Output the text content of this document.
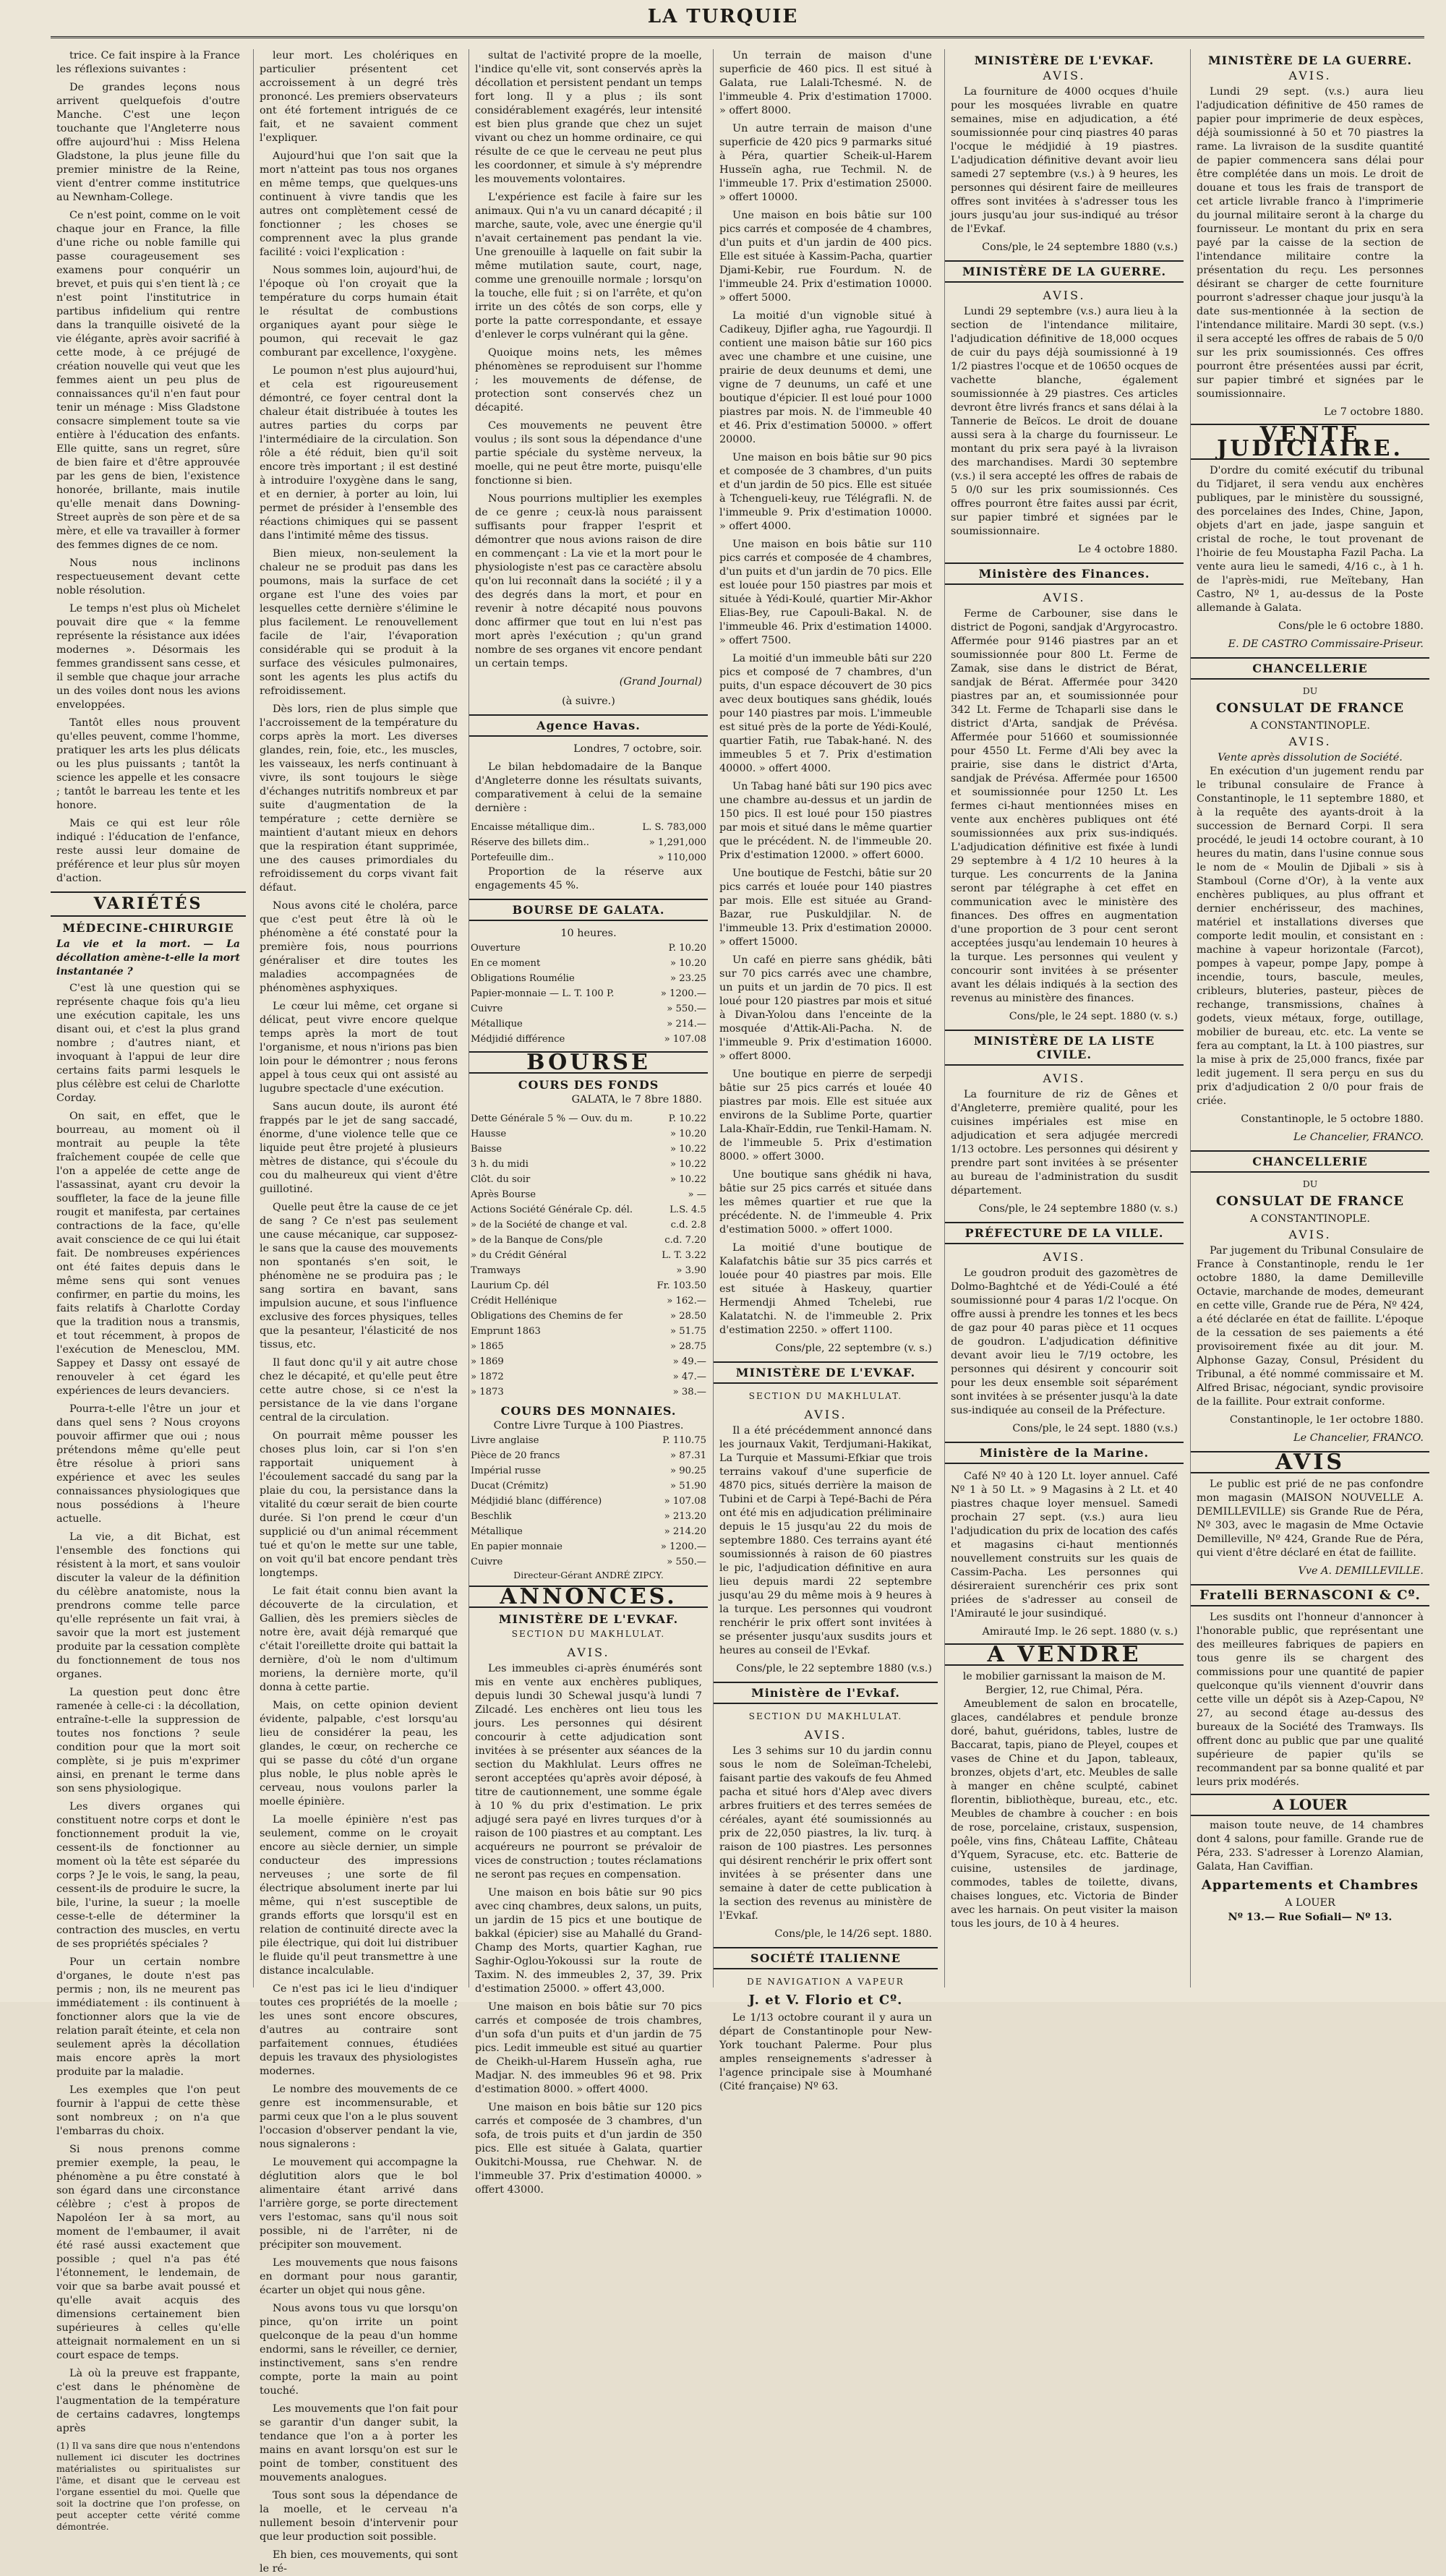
LA TURQUIE
trice. Ce fait inspire à la France les réflexions suivantes :
De grandes leçons nous arrivent quelquefois d'outre Manche. C'est une leçon touchante que l'Angleterre nous offre aujourd'hui : Miss Helena Gladstone, la plus jeune fille du premier ministre de la Reine, vient d'entrer comme institutrice au Newnham-College.
Ce n'est point, comme on le voit chaque jour en France, la fille d'une riche ou noble famille qui passe courageusement ses examens pour conquérir un brevet, et puis qui s'en tient là ; ce n'est point l'institutrice in partibus infidelium qui rentre dans la tranquille oisiveté de la vie élégante, après avoir sacrifié à cette mode, à ce préjugé de création nouvelle qui veut que les femmes aient un peu plus de connaissances qu'il n'en faut pour tenir un ménage : Miss Gladstone consacre simplement toute sa vie entière à l'éducation des enfants. Elle quitte, sans un regret, sûre de bien faire et d'être approuvée par les gens de bien, l'existence honorée, brillante, mais inutile qu'elle menait dans Downing-Street auprès de son père et de sa mère, et elle va travailler à former des femmes dignes de ce nom.
Nous nous inclinons respectueusement devant cette noble résolution.
Le temps n'est plus où Michelet pouvait dire que « la femme représente la résistance aux idées modernes ». Désormais les femmes grandissent sans cesse, et il semble que chaque jour arrache un des voiles dont nous les avions enveloppées.
Tantôt elles nous prouvent qu'elles peuvent, comme l'homme, pratiquer les arts les plus délicats ou les plus puissants ; tantôt la science les appelle et les consacre ; tantôt le barreau les tente et les honore.
Mais ce qui est leur rôle indiqué : l'éducation de l'enfance, reste aussi leur domaine de préférence et leur plus sûr moyen d'action.
VARIÉTÉS
MÉDECINE-CHIRURGIE
La vie et la mort. — La décollation amène-t-elle la mort instantanée ?
C'est là une question qui se représente chaque fois qu'a lieu une exécution capitale, les uns disant oui, et c'est la plus grand nombre ; d'autres niant, et invoquant à l'appui de leur dire certains faits parmi lesquels le plus célèbre est celui de Charlotte Corday.
On sait, en effet, que le bourreau, au moment où il montrait au peuple la tête fraîchement coupée de celle que l'on a appelée de cette ange de l'assassinat, ayant cru devoir la souffleter, la face de la jeune fille rougit et manifesta, par certaines contractions de la face, qu'elle avait conscience de ce qui lui était fait. De nombreuses expériences ont été faites depuis dans le même sens qui sont venues confirmer, en partie du moins, les faits relatifs à Charlotte Corday que la tradition nous a transmis, et tout récemment, à propos de l'exécution de Menesclou, MM. Sappey et Dassy ont essayé de renouveler à cet égard les expériences de leurs devanciers.
Pourra-t-elle l'être un jour et dans quel sens ? Nous croyons pouvoir affirmer que oui ; nous prétendons même qu'elle peut être résolue à priori sans expérience et avec les seules connaissances physiologiques que nous possédions à l'heure actuelle.
La vie, a dit Bichat, est l'ensemble des fonctions qui résistent à la mort, et sans vouloir discuter la valeur de la définition du célèbre anatomiste, nous la prendrons comme telle parce qu'elle représente un fait vrai, à savoir que la mort est justement produite par la cessation complète du fonctionnement de tous nos organes.
La question peut donc être ramenée à celle-ci : la décollation, entraîne-t-elle la suppression de toutes nos fonctions ? seule condition pour que la mort soit complète, si je puis m'exprimer ainsi, en prenant le terme dans son sens physiologique.
Les divers organes qui constituent notre corps et dont le fonctionnement produit la vie, cessent-ils de fonctionner au moment où la tête est séparée du corps ? Je le vois, le sang, la peau, cessent-ils de produire le sucre, la bile, l'urine, la sueur ; la moelle cesse-t-elle de déterminer la contraction des muscles, en vertu de ses propriétés spéciales ?
Pour un certain nombre d'organes, le doute n'est pas permis ; non, ils ne meurent pas immédiatement : ils continuent à fonctionner alors que la vie de relation paraît éteinte, et cela non seulement après la décollation mais encore après la mort produite par la maladie.
Les exemples que l'on peut fournir à l'appui de cette thèse sont nombreux ; on n'a que l'embarras du choix.
Si nous prenons comme premier exemple, la peau, le phénomène a pu être constaté à son égard dans une circonstance célèbre ; c'est à propos de Napoléon Ier à sa mort, au moment de l'embaumer, il avait été rasé aussi exactement que possible ; quel n'a pas été l'étonnement, le lendemain, de voir que sa barbe avait poussé et qu'elle avait acquis des dimensions certainement bien supérieures à celles qu'elle atteignait normalement en un si court espace de temps.
Là où la preuve est frappante, c'est dans le phénomène de l'augmentation de la température de certains cadavres, longtemps après
(1) Il va sans dire que nous n'entendons nullement ici discuter les doctrines matérialistes ou spiritualistes sur l'âme, et disant que le cerveau est l'organe essentiel du moi. Quelle que soit la doctrine que l'on professe, on peut accepter cette vérité comme démontrée.
leur mort. Les cholériques en particulier présentent cet accroissement à un degré très prononcé. Les premiers observateurs ont été fortement intrigués de ce fait, et ne savaient comment l'expliquer.
Aujourd'hui que l'on sait que la mort n'atteint pas tous nos organes en même temps, que quelques-uns continuent à vivre tandis que les autres ont complètement cessé de fonctionner ; les choses se comprennent avec la plus grande facilité : voici l'explication :
Nous sommes loin, aujourd'hui, de l'époque où l'on croyait que la température du corps humain était le résultat de combustions organiques ayant pour siège le poumon, qui recevait le gaz comburant par excellence, l'oxygène.
Le poumon n'est plus aujourd'hui, et cela est rigoureusement démontré, ce foyer central dont la chaleur était distribuée à toutes les autres parties du corps par l'intermédiaire de la circulation. Son rôle a été réduit, bien qu'il soit encore très important ; il est destiné à introduire l'oxygène dans le sang, et en dernier, à porter au loin, lui permet de présider à l'ensemble des réactions chimiques qui se passent dans l'intimité même des tissus.
Bien mieux, non-seulement la chaleur ne se produit pas dans les poumons, mais la surface de cet organe est l'une des voies par lesquelles cette dernière s'élimine le plus facilement. Le renouvellement facile de l'air, l'évaporation considérable qui se produit à la surface des vésicules pulmonaires, sont les agents les plus actifs du refroidissement.
Dès lors, rien de plus simple que l'accroissement de la température du corps après la mort. Les diverses glandes, rein, foie, etc., les muscles, les vaisseaux, les nerfs continuant à vivre, ils sont toujours le siège d'échanges nutritifs nombreux et par suite d'augmentation de la température ; cette dernière se maintient d'autant mieux en dehors que la respiration étant supprimée, une des causes primordiales du refroidissement du corps vivant fait défaut.
Nous avons cité le choléra, parce que c'est peut être là où le phénomène a été constaté pour la première fois, nous pourrions généraliser et dire toutes les maladies accompagnées de phénomènes asphyxiques.
Le cœur lui même, cet organe si délicat, peut vivre encore quelque temps après la mort de tout l'organisme, et nous n'irions pas bien loin pour le démontrer ; nous ferons appel à tous ceux qui ont assisté au lugubre spectacle d'une exécution.
Sans aucun doute, ils auront été frappés par le jet de sang saccadé, énorme, d'une violence telle que ce liquide peut être projeté à plusieurs mètres de distance, qui s'écoule du cou du malheureux qui vient d'être guillotiné.
Quelle peut être la cause de ce jet de sang ? Ce n'est pas seulement une cause mécanique, car supposez-le sans que la cause des mouvements non spontanés s'en soit, le phénomène ne se produira pas ; le sang sortira en bavant, sans impulsion aucune, et sous l'influence exclusive des forces physiques, telles que la pesanteur, l'élasticité de nos tissus, etc.
Il faut donc qu'il y ait autre chose chez le décapité, et qu'elle peut être cette autre chose, si ce n'est la persistance de la vie dans l'organe central de la circulation.
On pourrait même pousser les choses plus loin, car si l'on s'en rapportait uniquement à l'écoulement saccadé du sang par la plaie du cou, la persistance dans la vitalité du cœur serait de bien courte durée. Si l'on prend le cœur d'un supplicié ou d'un animal récemment tué et qu'on le mette sur une table, on voit qu'il bat encore pendant très longtemps.
Le fait était connu bien avant la découverte de la circulation, et Gallien, dès les premiers siècles de notre ère, avait déjà remarqué que c'était l'oreillette droite qui battait la dernière, d'où le nom d'ultimum moriens, la dernière morte, qu'il donna à cette partie.
Mais, on cette opinion devient évidente, palpable, c'est lorsqu'au lieu de considérer la peau, les glandes, le cœur, on recherche ce qui se passe du côté d'un organe plus noble, le plus noble après le cerveau, nous voulons parler la moelle épinière.
La moelle épinière n'est pas seulement, comme on le croyait encore au siècle dernier, un simple conducteur des impressions nerveuses ; une sorte de fil électrique absolument inerte par lui même, qui n'est susceptible de grands efforts que lorsqu'il est en relation de continuité directe avec la pile électrique, qui doit lui distribuer le fluide qu'il peut transmettre à une distance incalculable.
Ce n'est pas ici le lieu d'indiquer toutes ces propriétés de la moelle ; les unes sont encore obscures, d'autres au contraire sont parfaitement connues, étudiées depuis les travaux des physiologistes modernes.
Le nombre des mouvements de ce genre est incommensurable, et parmi ceux que l'on a le plus souvent l'occasion d'observer pendant la vie, nous signalerons :
Le mouvement qui accompagne la déglutition alors que le bol alimentaire étant arrivé dans l'arrière gorge, se porte directement vers l'estomac, sans qu'il nous soit possible, ni de l'arrêter, ni de précipiter son mouvement.
Les mouvements que nous faisons en dormant pour nous garantir, écarter un objet qui nous gêne.
Nous avons tous vu que lorsqu'on pince, qu'on irrite un point quelconque de la peau d'un homme endormi, sans le réveiller, ce dernier, instinctivement, sans s'en rendre compte, porte la main au point touché.
Les mouvements que l'on fait pour se garantir d'un danger subit, la tendance que l'on a à porter les mains en avant lorsqu'on est sur le point de tomber, constituent des mouvements analogues.
Tous sont sous la dépendance de la moelle, et le cerveau n'a nullement besoin d'intervenir pour que leur production soit possible.
Eh bien, ces mouvements, qui sont le ré-
sultat de l'activité propre de la moelle, l'indice qu'elle vit, sont conservés après la décollation et persistent pendant un temps fort long. Il y a plus ; ils sont considérablement exagérés, leur intensité est bien plus grande que chez un sujet vivant ou chez un homme ordinaire, ce qui résulte de ce que le cerveau ne peut plus les coordonner, et simule à s'y méprendre les mouvements volontaires.
L'expérience est facile à faire sur les animaux. Qui n'a vu un canard décapité ; il marche, saute, vole, avec une énergie qu'il n'avait certainement pas pendant la vie. Une grenouille à laquelle on fait subir la même mutilation saute, court, nage, comme une grenouille normale ; lorsqu'on la touche, elle fuit ; si on l'arrête, et qu'on irrite un des côtés de son corps, elle y porte la patte correspondante, et essaye d'enlever le corps vulnérant qui la gêne.
Quoique moins nets, les mêmes phénomènes se reproduisent sur l'homme ; les mouvements de défense, de protection sont conservés chez un décapité.
Ces mouvements ne peuvent être voulus ; ils sont sous la dépendance d'une partie spéciale du système nerveux, la moelle, qui ne peut être morte, puisqu'elle fonctionne si bien.
Nous pourrions multiplier les exemples de ce genre ; ceux-là nous paraissent suffisants pour frapper l'esprit et démontrer que nous avions raison de dire en commençant : La vie et la mort pour le physiologiste n'est pas ce caractère absolu qu'on lui reconnaît dans la société ; il y a des degrés dans la mort, et pour en revenir à notre décapité nous pouvons donc affirmer que tout en lui n'est pas mort après l'exécution ; qu'un grand nombre de ses organes vit encore pendant un certain temps.
(Grand Journal)
(à suivre.)
Agence Havas.
Londres, 7 octobre, soir.
Le bilan hebdomadaire de la Banque d'Angleterre donne les résultats suivants, comparativement à celui de la semaine dernière :
Encaisse métallique dim..	L. S. 783,000
Réserve des billets dim..	» 1,291,000
Portefeuille dim..	» 110,000
Proportion de la réserve aux engagements 45 %.
BOURSE DE GALATA.
10 heures.
Ouverture	P. 10.20
En ce moment	» 10.20
Obligations Roumélie	» 23.25
Papier-monnaie — L. T. 100 P.	» 1200.—
Cuivre	» 550.—
Métallique	» 214.—
Médjidié différence	» 107.08
BOURSE
COURS DES FONDS
GALATA, le 7 8bre 1880.
Dette Générale 5 % — Ouv. du m.	P. 10.22
Hausse	» 10.20
Baisse	» 10.22
3 h. du midi	» 10.22
Clôt. du soir	» 10.22
Après Bourse	» —
Actions Société Générale Cp. dél.	L.S. 4.5
» de la Société de change et val.	c.d. 2.8
» de la Banque de Cons/ple	c.d. 7.20
» du Crédit Général	L. T. 3.22
Tramways	» 3.90
Laurium Cp. dél	Fr. 103.50
Crédit Hellénique	» 162.—
Obligations des Chemins de fer	» 28.50
Emprunt 1863	» 51.75
» 1865	» 28.75
» 1869	» 49.—
» 1872	» 47.—
» 1873	» 38.—
COURS DES MONNAIES.
Contre Livre Turque à 100 Piastres.
Livre anglaise	P. 110.75
Pièce de 20 francs	» 87.31
Impérial russe	» 90.25
Ducat (Crémitz)	» 51.90
Médjidié blanc (différence)	» 107.08
Beschlik	» 213.20
Métallique	» 214.20
En papier monnaie	» 1200.—
Cuivre	» 550.—
Directeur-Gérant ANDRÉ ZIPCY.
ANNONCES.
MINISTÈRE DE L'EVKAF.
SECTION DU MAKHLULAT.
AVIS.
Les immeubles ci-après énumérés sont mis en vente aux enchères publiques, depuis lundi 30 Schewal jusqu'à lundi 7 Zilcadé. Les enchères ont lieu tous les jours. Les personnes qui désirent concourir à cette adjudication sont invitées à se présenter aux séances de la section du Makhlulat. Leurs offres ne seront acceptées qu'après avoir déposé, à titre de cautionnement, une somme égale à 10 % du prix d'estimation. Le prix adjugé sera payé en livres turques d'or à raison de 100 piastres et au comptant. Les acquéreurs ne pourront se prévaloir de vices de construction ; toutes réclamations ne seront pas reçues en compensation.
Une maison en bois bâtie sur 90 pics avec cinq chambres, deux salons, un puits, un jardin de 15 pics et une boutique de bakkal (épicier) sise au Mahallé du Grand-Champ des Morts, quartier Kaghan, rue Saghir-Oglou-Yokoussi sur la route de Taxim. N. des immeubles 2, 37, 39. Prix d'estimation 25000. » offert 43,000.
Une maison en bois bâtie sur 70 pics carrés et composée de trois chambres, d'un sofa d'un puits et d'un jardin de 75 pics. Ledit immeuble est situé au quartier de Cheikh-ul-Harem Husseïn agha, rue Madjar. N. des immeubles 96 et 98. Prix d'estimation 8000. » offert 4000.
Une maison en bois bâtie sur 120 pics carrés et composée de 3 chambres, d'un sofa, de trois puits et d'un jardin de 350 pics. Elle est située à Galata, quartier Oukitchi-Moussa, rue Chehwar. N. de l'immeuble 37. Prix d'estimation 40000. » offert 43000.
Un terrain de maison d'une superficie de 460 pics. Il est situé à Galata, rue Lalali-Tchesmé. N. de l'immeuble 4. Prix d'estimation 17000. » offert 8000.
Un autre terrain de maison d'une superficie de 420 pics 9 parmarks situé à Péra, quartier Scheik-ul-Harem Husseïn agha, rue Techmil. N. de l'immeuble 17. Prix d'estimation 25000. » offert 10000.
Une maison en bois bâtie sur 100 pics carrés et composée de 4 chambres, d'un puits et d'un jardin de 400 pics. Elle est située à Kassim-Pacha, quartier Djami-Kebir, rue Fourdum. N. de l'immeuble 24. Prix d'estimation 10000. » offert 5000.
La moitié d'un vignoble situé à Cadikeuy, Djifler agha, rue Yagourdji. Il contient une maison bâtie sur 160 pics avec une chambre et une cuisine, une prairie de deux deunums et demi, une vigne de 7 deunums, un café et une boutique d'épicier. Il est loué pour 1000 piastres par mois. N. de l'immeuble 40 et 46. Prix d'estimation 50000. » offert 20000.
Une maison en bois bâtie sur 90 pics et composée de 3 chambres, d'un puits et d'un jardin de 50 pics. Elle est située à Tchengueli-keuy, rue Télégrafli. N. de l'immeuble 9. Prix d'estimation 10000. » offert 4000.
Une maison en bois bâtie sur 110 pics carrés et composée de 4 chambres, d'un puits et d'un jardin de 70 pics. Elle est louée pour 150 piastres par mois et située à Yédi-Koulé, quartier Mir-Akhor Elias-Bey, rue Capouli-Bakal. N. de l'immeuble 46. Prix d'estimation 14000. » offert 7500.
La moitié d'un immeuble bâti sur 220 pics et composé de 7 chambres, d'un puits, d'un espace découvert de 30 pics avec deux boutiques sans ghédik, loués pour 140 piastres par mois. L'immeuble est situé près de la porte de Yédi-Koulé, quartier Fatih, rue Tabak-hané. N. des immeubles 5 et 7. Prix d'estimation 40000. » offert 4000.
Un Tabag hané bâti sur 190 pics avec une chambre au-dessus et un jardin de 150 pics. Il est loué pour 150 piastres par mois et situé dans le même quartier que le précédent. N. de l'immeuble 20. Prix d'estimation 12000. » offert 6000.
Une boutique de Festchi, bâtie sur 20 pics carrés et louée pour 140 piastres par mois. Elle est située au Grand-Bazar, rue Puskuldjilar. N. de l'immeuble 13. Prix d'estimation 20000. » offert 15000.
Un café en pierre sans ghédik, bâti sur 70 pics carrés avec une chambre, un puits et un jardin de 70 pics. Il est loué pour 120 piastres par mois et situé à Divan-Yolou dans l'enceinte de la mosquée d'Attik-Ali-Pacha. N. de l'immeuble 9. Prix d'estimation 16000. » offert 8000.
Une boutique en pierre de serpedji bâtie sur 25 pics carrés et louée 40 piastres par mois. Elle est située aux environs de la Sublime Porte, quartier Lala-Khaïr-Eddin, rue Tenkil-Hamam. N. de l'immeuble 5. Prix d'estimation 8000. » offert 3000.
Une boutique sans ghédik ni hava, bâtie sur 25 pics carrés et située dans les mêmes quartier et rue que la précédente. N. de l'immeuble 4. Prix d'estimation 5000. » offert 1000.
La moitié d'une boutique de Kalafatchis bâtie sur 35 pics carrés et louée pour 40 piastres par mois. Elle est située à Haskeuy, quartier Hermendji Ahmed Tchelebi, rue Kalatatchi. N. de l'immeuble 2. Prix d'estimation 2250. » offert 1100.
Cons/ple, 22 septembre (v. s.)
MINISTÈRE DE L'EVKAF.
SECTION DU MAKHLULAT.
AVIS.
Il a été précédemment annoncé dans les journaux Vakit, Terdjumani-Hakikat, La Turquie et Massumi-Efkiar que trois terrains vakouf d'une superficie de 4870 pics, situés derrière la maison de Tubini et de Carpi à Tepé-Bachi de Péra ont été mis en adjudication préliminaire depuis le 15 jusqu'au 22 du mois de septembre 1880. Ces terrains ayant été soumissionnés à raison de 60 piastres le pic, l'adjudication définitive en aura lieu depuis mardi 22 septembre jusqu'au 29 du même mois à 9 heures à la turque. Les personnes qui voudront renchérir le prix offert sont invitées à se présenter jusqu'aux susdits jours et heures au conseil de l'Evkaf.
Cons/ple, le 22 septembre 1880 (v.s.)
Ministère de l'Evkaf.
SECTION DU MAKHLULAT.
AVIS.
Les 3 sehims sur 10 du jardin connu sous le nom de Soleïman-Tchelebi, faisant partie des vakoufs de feu Ahmed pacha et situé hors d'Alep avec divers arbres fruitiers et des terres semées de céréales, ayant été soumissionnés au prix de 22,050 piastres, la liv. turq. à raison de 100 piastres. Les personnes qui désirent renchérir le prix offert sont invitées à se présenter dans une semaine à dater de cette publication à la section des revenus au ministère de l'Evkaf.
Cons/ple, le 14/26 sept. 1880.
SOCIÉTÉ ITALIENNE
DE NAVIGATION A VAPEUR
J. et V. Florio et Cº.
Le 1/13 octobre courant il y aura un départ de Constantinople pour New-York touchant Palerme. Pour plus amples renseignements s'adresser à l'agence principale sise à Moumhané (Cité française) Nº 63.
MINISTÈRE DE L'EVKAF.
AVIS.
La fourniture de 4000 ocques d'huile pour les mosquées livrable en quatre semaines, mise en adjudication, a été soumissionnée pour cinq piastres 40 paras l'ocque le médjidié à 19 piastres. L'adjudication définitive devant avoir lieu samedi 27 septembre (v.s.) à 9 heures, les personnes qui désirent faire de meilleures offres sont invitées à s'adresser tous les jours jusqu'au jour sus-indiqué au trésor de l'Evkaf.
Cons/ple, le 24 septembre 1880 (v.s.)
MINISTÈRE DE LA GUERRE.
AVIS.
Lundi 29 septembre (v.s.) aura lieu à la section de l'intendance militaire, l'adjudication définitive de 18,000 ocques de cuir du pays déjà soumissionné à 19 1/2 piastres l'ocque et de 10650 ocques de vachette blanche, également soumissionnée à 29 piastres. Ces articles devront être livrés francs et sans délai à la Tannerie de Beïcos. Le droit de douane aussi sera à la charge du fournisseur. Le montant du prix sera payé à la livraison des marchandises. Mardi 30 septembre (v.s.) il sera accepté les offres de rabais de 5 0/0 sur les prix soumissionnés. Ces offres pourront être faites aussi par écrit, sur papier timbré et signées par le soumissionnaire.
Le 4 octobre 1880.
Ministère des Finances.
AVIS.
Ferme de Carbouner, sise dans le district de Pogoni, sandjak d'Argyrocastro. Affermée pour 9146 piastres par an et soumissionnée pour 800 Lt. Ferme de Zamak, sise dans le district de Bérat, sandjak de Bérat. Affermée pour 3420 piastres par an, et soumissionnée pour 342 Lt. Ferme de Tchaparli sise dans le district d'Arta, sandjak de Prévésa. Affermée pour 51660 et soumissionnée pour 4550 Lt. Ferme d'Ali bey avec la prairie, sise dans le district d'Arta, sandjak de Prévésa. Affermée pour 16500 et soumissionnée pour 1250 Lt. Les fermes ci-haut mentionnées mises en vente aux enchères publiques ont été soumissionnées aux prix sus-indiqués. L'adjudication définitive est fixée à lundi 29 septembre à 4 1/2 10 heures à la turque. Les concurrents de la Janina seront par télégraphe à cet effet en communication avec le ministère des finances. Des offres en augmentation d'une proportion de 3 pour cent seront acceptées jusqu'au lendemain 10 heures à la turque. Les personnes qui veulent y concourir sont invitées à se présenter avant les délais indiqués à la section des revenus au ministère des finances.
Cons/ple, le 24 sept. 1880 (v. s.)
MINISTÈRE DE LA LISTE CIVILE.
AVIS.
La fourniture de riz de Gênes et d'Angleterre, première qualité, pour les cuisines impériales est mise en adjudication et sera adjugée mercredi 1/13 octobre. Les personnes qui désirent y prendre part sont invitées à se présenter au bureau de l'administration du susdit département.
Cons/ple, le 24 septembre 1880 (v. s.)
PRÉFECTURE DE LA VILLE.
AVIS.
Le goudron produit des gazomètres de Dolmo-Baghtché et de Yédi-Coulé a été soumissionné pour 4 paras 1/2 l'ocque. On offre aussi à prendre les tonnes et les becs de gaz pour 40 paras pièce et 11 ocques de goudron. L'adjudication définitive devant avoir lieu le 7/19 octobre, les personnes qui désirent y concourir soit pour les deux ensemble soit séparément sont invitées à se présenter jusqu'à la date sus-indiquée au conseil de la Préfecture.
Cons/ple, le 24 sept. 1880 (v.s.)
Ministère de la Marine.
Café Nº 40 à 120 Lt. loyer annuel. Café Nº 1 à 50 Lt. » 9 Magasins à 2 Lt. et 40 piastres chaque loyer mensuel. Samedi prochain 27 sept. (v.s.) aura lieu l'adjudication du prix de location des cafés et magasins ci-haut mentionnés nouvellement construits sur les quais de Cassim-Pacha. Les personnes qui désireraient surenchérir ces prix sont priées de s'adresser au conseil de l'Amirauté le jour susindiqué.
Amirauté Imp. le 26 sept. 1880 (v. s.)
A VENDRE
le mobilier garnissant la maison de M. Bergier, 12, rue Chimal, Péra.
Ameublement de salon en brocatelle, glaces, candélabres et pendule bronze doré, bahut, guéridons, tables, lustre de Baccarat, tapis, piano de Pleyel, coupes et vases de Chine et du Japon, tableaux, bronzes, objets d'art, etc. Meubles de salle à manger en chêne sculpté, cabinet florentin, bibliothèque, bureau, etc., etc. Meubles de chambre à coucher : en bois de rose, porcelaine, cristaux, suspension, poêle, vins fins, Château Laffite, Château d'Yquem, Syracuse, etc. etc. Batterie de cuisine, ustensiles de jardinage, commodes, tables de toilette, divans, chaises longues, etc. Victoria de Binder avec les harnais. On peut visiter la maison tous les jours, de 10 à 4 heures.
MINISTÈRE DE LA GUERRE.
AVIS.
Lundi 29 sept. (v.s.) aura lieu l'adjudication définitive de 450 rames de papier pour imprimerie de deux espèces, déjà soumissionné à 50 et 70 piastres la rame. La livraison de la susdite quantité de papier commencera sans délai pour être complétée dans un mois. Le droit de douane et tous les frais de transport de cet article livrable franco à l'imprimerie du journal militaire seront à la charge du fournisseur. Le montant du prix en sera payé par la caisse de la section de l'intendance militaire contre la présentation du reçu. Les personnes désirant se charger de cette fourniture pourront s'adresser chaque jour jusqu'à la date sus-mentionnée à la section de l'intendance militaire. Mardi 30 sept. (v.s.) il sera accepté les offres de rabais de 5 0/0 sur les prix soumissionnés. Ces offres pourront être présentées aussi par écrit, sur papier timbré et signées par le soumissionnaire.
Le 7 octobre 1880.
VENTE JUDICIAIRE.
D'ordre du comité exécutif du tribunal du Tidjaret, il sera vendu aux enchères publiques, par le ministère du soussigné, des porcelaines des Indes, Chine, Japon, objets d'art en jade, jaspe sanguin et cristal de roche, le tout provenant de l'hoirie de feu Moustapha Fazil Pacha. La vente aura lieu le samedi, 4/16 c., à 1 h. de l'après-midi, rue Meïtebany, Han Castro, Nº 1, au-dessus de la Poste allemande à Galata.
Cons/ple le 6 octobre 1880.
E. DE CASTRO Commissaire-Priseur.
CHANCELLERIE
DU
CONSULAT DE FRANCE
A CONSTANTINOPLE.
AVIS.
Vente après dissolution de Société.
En exécution d'un jugement rendu par le tribunal consulaire de France à Constantinople, le 11 septembre 1880, et à la requête des ayants-droit à la succession de Bernard Corpi. Il sera procédé, le jeudi 14 octobre courant, à 10 heures du matin, dans l'usine connue sous le nom de « Moulin de Djibali » sis à Stamboul (Corne d'Or), à la vente aux enchères publiques, au plus offrant et dernier enchérisseur, des machines, matériel et installations diverses que comporte ledit moulin, et consistant en : machine à vapeur horizontale (Farcot), pompes à vapeur, pompe Japy, pompe à incendie, tours, bascule, meules, cribleurs, bluteries, pasteur, pièces de rechange, transmissions, chaînes à godets, vieux métaux, forge, outillage, mobilier de bureau, etc. etc. La vente se fera au comptant, la Lt. à 100 piastres, sur la mise à prix de 25,000 francs, fixée par ledit jugement. Il sera perçu en sus du prix d'adjudication 2 0/0 pour frais de criée.
Constantinople, le 5 octobre 1880.
Le Chancelier, FRANCO.
CHANCELLERIE
DU
CONSULAT DE FRANCE
A CONSTANTINOPLE.
AVIS.
Par jugement du Tribunal Consulaire de France à Constantinople, rendu le 1er octobre 1880, la dame Demilleville Octavie, marchande de modes, demeurant en cette ville, Grande rue de Péra, Nº 424, a été déclarée en état de faillite. L'époque de la cessation de ses paiements a été provisoirement fixée au dit jour. M. Alphonse Gazay, Consul, Président du Tribunal, a été nommé commissaire et M. Alfred Brisac, négociant, syndic provisoire de la faillite. Pour extrait conforme.
Constantinople, le 1er octobre 1880.
Le Chancelier, FRANCO.
AVIS
Le public est prié de ne pas confondre mon magasin (MAISON NOUVELLE A. DEMILLEVILLE) sis Grande Rue de Péra, Nº 303, avec le magasin de Mme Octavie Demilleville, Nº 424, Grande Rue de Péra, qui vient d'être déclaré en état de faillite.
Vve A. DEMILLEVILLE.
Fratelli BERNASCONI & Cº.
Les susdits ont l'honneur d'annoncer à l'honorable public, que représentant une des meilleures fabriques de papiers en tous genre ils se chargent des commissions pour une quantité de papier quelconque qu'ils viennent d'ouvrir dans cette ville un dépôt sis à Azep-Capou, Nº 27, au second étage au-dessus des bureaux de la Société des Tramways. Ils offrent donc au public que par une qualité supérieure de papier qu'ils se recommandent par sa bonne qualité et par leurs prix modérés.
A LOUER
maison toute neuve, de 14 chambres dont 4 salons, pour famille. Grande rue de Péra, 233. S'adresser à Lorenzo Alamian, Galata, Han Caviffian.
Appartements et Chambres
A LOUER
Nº 13.— Rue Sofiali— Nº 13.
